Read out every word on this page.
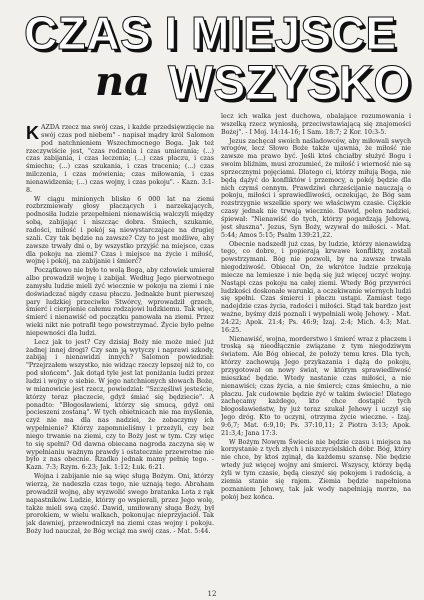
CZAS I MIEJSCE
na WSZYSKO

KAŻDA rzecz ma swój czas, i każde przedsięwzięcie na swój czas pod niebem" - napisał mądry król Salomon pod natchnieniem Wszechmocnego Boga. Jak też rzeczywiście jest, "czas rodzenia i czas umierania; (...) czas zabijania, i czas leczenia; (...) czas płaczu, i czas śmiechu; (...) czas szukania, i czas tracenia; (...) czas milczenia, i czas mówienia; czas miłowania, i czas nienawidzenia; (...) czas wojny, i czas pokoju". - Kazn. 3:1-8.

W ciągu minionych blisko 6 000 lat na ziemi rozbrzmiewały głosy płaczących i narzekających, podnosiła ludzie przepełnieni nienawiścią walczyli między sobą, zabijając i niszcząc dobra. Śmiech, szukanie, radości, miłość i pokój są niewystarczające na drugiej szali. Czy tak będzie na zawsze? Czy to jest możliwe, aby zawsze trwały dni o, by wszystko przyjść na miejsce, czas dla pokoju na ziemi? Czas i miejsce na życie i miłość, wojnę i pokój, na zabijanie i śmierć?

Początkowo nie było to wolą Boga, aby człowiek umierał albo prowadził wojnę i zabijał. Według Jego pierwotnego zamysłu ludzie mieli żyć wiecznie w pokoju na ziemi i nie doświadczać nigdy czasu płaczu. Jednakże bunt pierwszej pary ludzkiej przeciwko Stwórcy, wprowadził grzech, śmierć i cierpienie całemu rodzajowi ludzkiemu. Tak więc, śmierć i nienawiść od początku panowała na ziemi. Przez wieki nikt nie potrafił tego powstrzymać. Życie było pełne niepewności dla ludzi.

Lecz jak to jest? Czy dzisiaj Boży nie może mieć już żadnej innej drogi? Czy sam ją wytyczy i naprawi szkody, zabijaj i nienawidzi innych? Salomon powiedział: "Przejrzałem wszystko, nie widząc rzeczy lepszej niż to, co pod słońcem". Jak dotąd tyle jest lat poniżania ludzi przez ludzi i wojny o siebie. W jego natchnionych słowach Boże, w mianowicie jest rzecz, powiedział: "Szczęśliwi jesteście, którzy teraz płaczecie, gdyż śmiać się będziecie". A ponadto: "Błogosławieni, którzy się smucą, gdyż oni pocieszeni zostaną". W tych obietnicach nie ma myślenia, czyż nie ma dla nas nadziei, że zobaczymy ich wypełnienie? Którzy zapomnieliśmy i przeżyli, czy bez niego trwanie na ziemi, czy to Boży jest w tym. Czy więc to się spełni? Od dawna obiecana nagroda zaczyna się w wypełnianiu ważnym prawdy i ostatecznie przewrotne nie było z nas obecnie. Rzadko jednak mamy pełnię tego. - Kazn. 7:3; Rzym. 6:23; Jak. 1:12; Łuk. 6:21.

Wojna i zabijanie nie są więc sługą Bożym. Oni, którzy wierzą, że nadeszła czas tego, nie uznają tego. Abraham prowadził wojnę, aby wyzwolić swego bratanka Lota z rąk napastników. Ludzie, którzy go wspierali, przez Jego wolę, także mieli swą część. Dawid, umiłowany sługa Boży, był prorokiem, w wielu walkach, pokonując nieprzyjaciół. Tak jak dawniej, przewodniczył na ziemi czas wojny i pokoju. Boży lud nauczał, że Bóg wciąż ma swój czas. - Mat. 5:44.

lecz ich walka jest duchowa, obalające rozumowania i wszelką rzecz wyniosłą, przeciwstawiającą się znajomości Bożej". - I Moj. 14:14-16; I Sam. 18:7; 2 Kor. 10:3-5.

Jezus zachęcał swoich naśladowców, aby miłowali swych wrogów, lecz Słowo Boże także ujawnia, że miłość nie zawsze ma prawo być. Jeśli ktoś chciałby służyć Bogu i swoim bliźnim, musi zrozumieć, że miłość i wierność nie są sprzecznymi pojęciami. Dlatego ci, którzy miłują Boga, nie będą dążyć do konfliktów i przemocy, a pokój będzie dla nich czymś cennym. Prawdziwi chrześcijanie nauczają o pokoju, miłości i sprawiedliwości, oczekując, że Bóg sam rozstrzygnie wszelkie spory we właściwym czasie. Ciężkie czasy jednak nie trwają wiecznie. Dawid, pełen nadziei, śpiewał: "Nienawiść do tych, którzy pogardzają Jehową, jest słuszna". Jezus, Syn Boży, wzywał do miłości. - Mat. 5:44; Amos 5:15; Psalm 139:21,22.

Obecnie nadszedł już czas, by ludzie, którzy nienawidzą tego, co dobre, i popierają krwawe konflikty, zostali powstrzymani. Bóg nie pozwoli, by na zawsze trwała niegodziwość. Obiecał On, że wkrótce ludzie przekują miecze na lemiesze i nie będą się już więcej uczyć wojny. Nastąpi czas pokoju na całej ziemi. Wtedy Bóg przywróci ludzkości doskonałe warunki, a oczekiwanie wiernych ludzi się spełni. Czas śmierci i płaczu ustąpi. Zamiast tego nadejdzie czas życia, radości i miłości. Stąd tak bardzo jest ważne, byśmy dziś poznali i wypełniali wolę Jehowy. - Mat. 24:22; Apok. 21:4; Ps. 46:9; Izaj. 2:4; Mich. 4:3; Mat. 16:25.

Nienawiść, wojna, morderstwo i śmierć wraz z płaczem i troską są nieodłącznie związane z tym niegodziwym światem. Ale Bóg obiecał, że położy temu kres. Dla tych, którzy zachowują Jego przykazania i dążą do pokoju, przygotował on nowy świat, w którym sprawiedliwość mieszkać będzie. Wtedy nastanie czas miłości, a nie nienawiści; czas życia, a nie śmierci; czas śmiechu, a nie płaczu. Jak cudownie będzie żyć w takim świecie! Dlatego zachęcamy każdego, kto chce dostąpić tych błogosławieństw, by już teraz szukał Jehowy i uczył się Jego dróg. Kto to uczyni, otrzyma życie wieczne. - Izaj. 9:6,7; Mat. 6:9,10; Ps. 37:10,11; 2 Piotra 3:13; Apok. 21:3,4; Jana 17:3.

W Bożym Nowym Świecie nie będzie czasu i miejsca na korzystanie z tych złych i niszczycielskich dóbr. Bóg, który nie chce, by ktoś zginął, da każdemu szansę. Nie będzie wtedy już więcej wojny ani śmierci. Wszyscy, którzy będą żyli w tym czasie, będą cieszyć się pokojem i radością, a ziemia stanie się rajem. Ziemia będzie napełniona poznaniem Jehowy, tak jak wody napełniają morze, na pokój bez końca.

12
